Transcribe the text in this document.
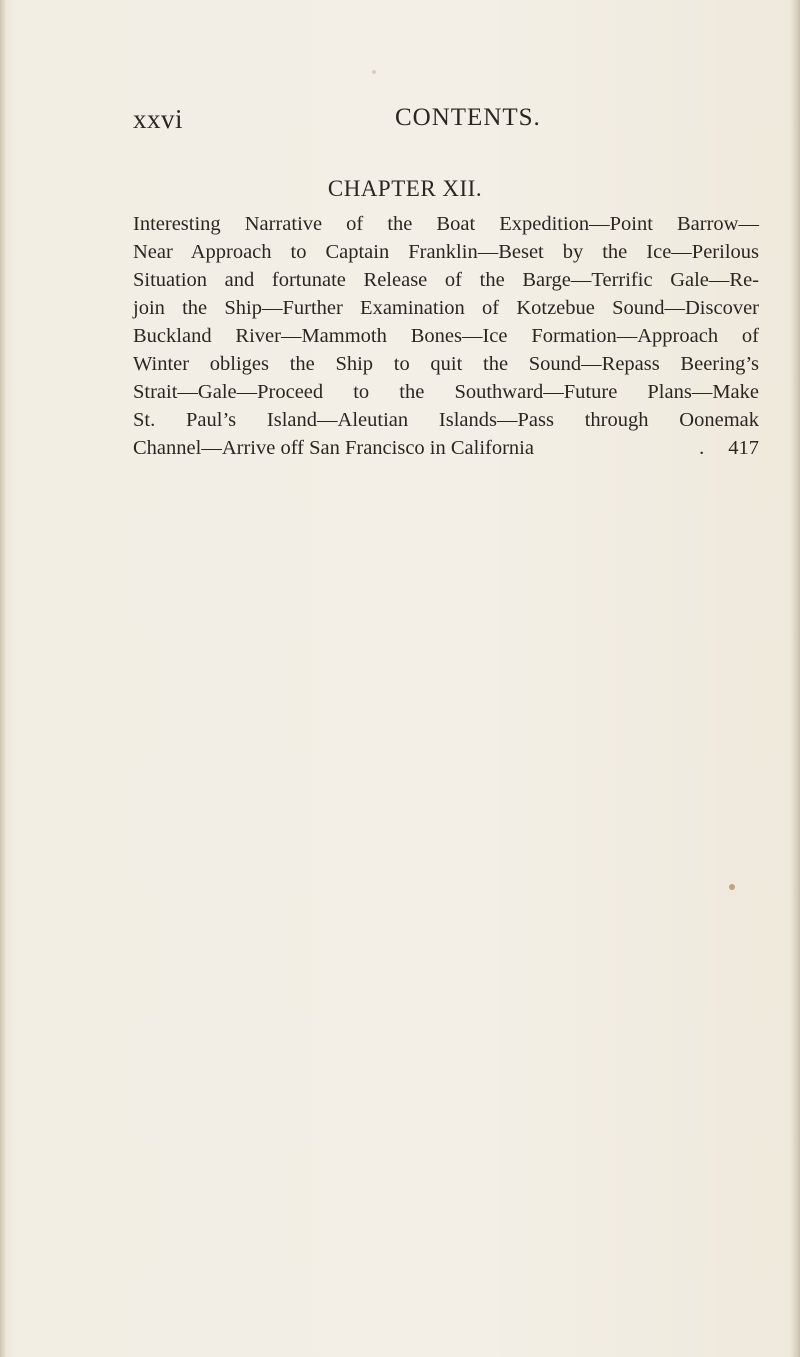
xxvi	CONTENTS.
CHAPTER XII.
Interesting Narrative of the Boat Expedition—Point Barrow—
Near Approach to Captain Franklin—Beset by the Ice—Perilous
Situation and fortunate Release of the Barge—Terrific Gale—Re-
join the Ship—Further Examination of Kotzebue Sound—Discover
Buckland River—Mammoth Bones—Ice Formation—Approach of
Winter obliges the Ship to quit the Sound—Repass Beering’s
Strait—Gale—Proceed to the Southward—Future Plans—Make
St. Paul’s Island—Aleutian Islands—Pass through Oonemak
Channel—Arrive off San Francisco in California	. 417
